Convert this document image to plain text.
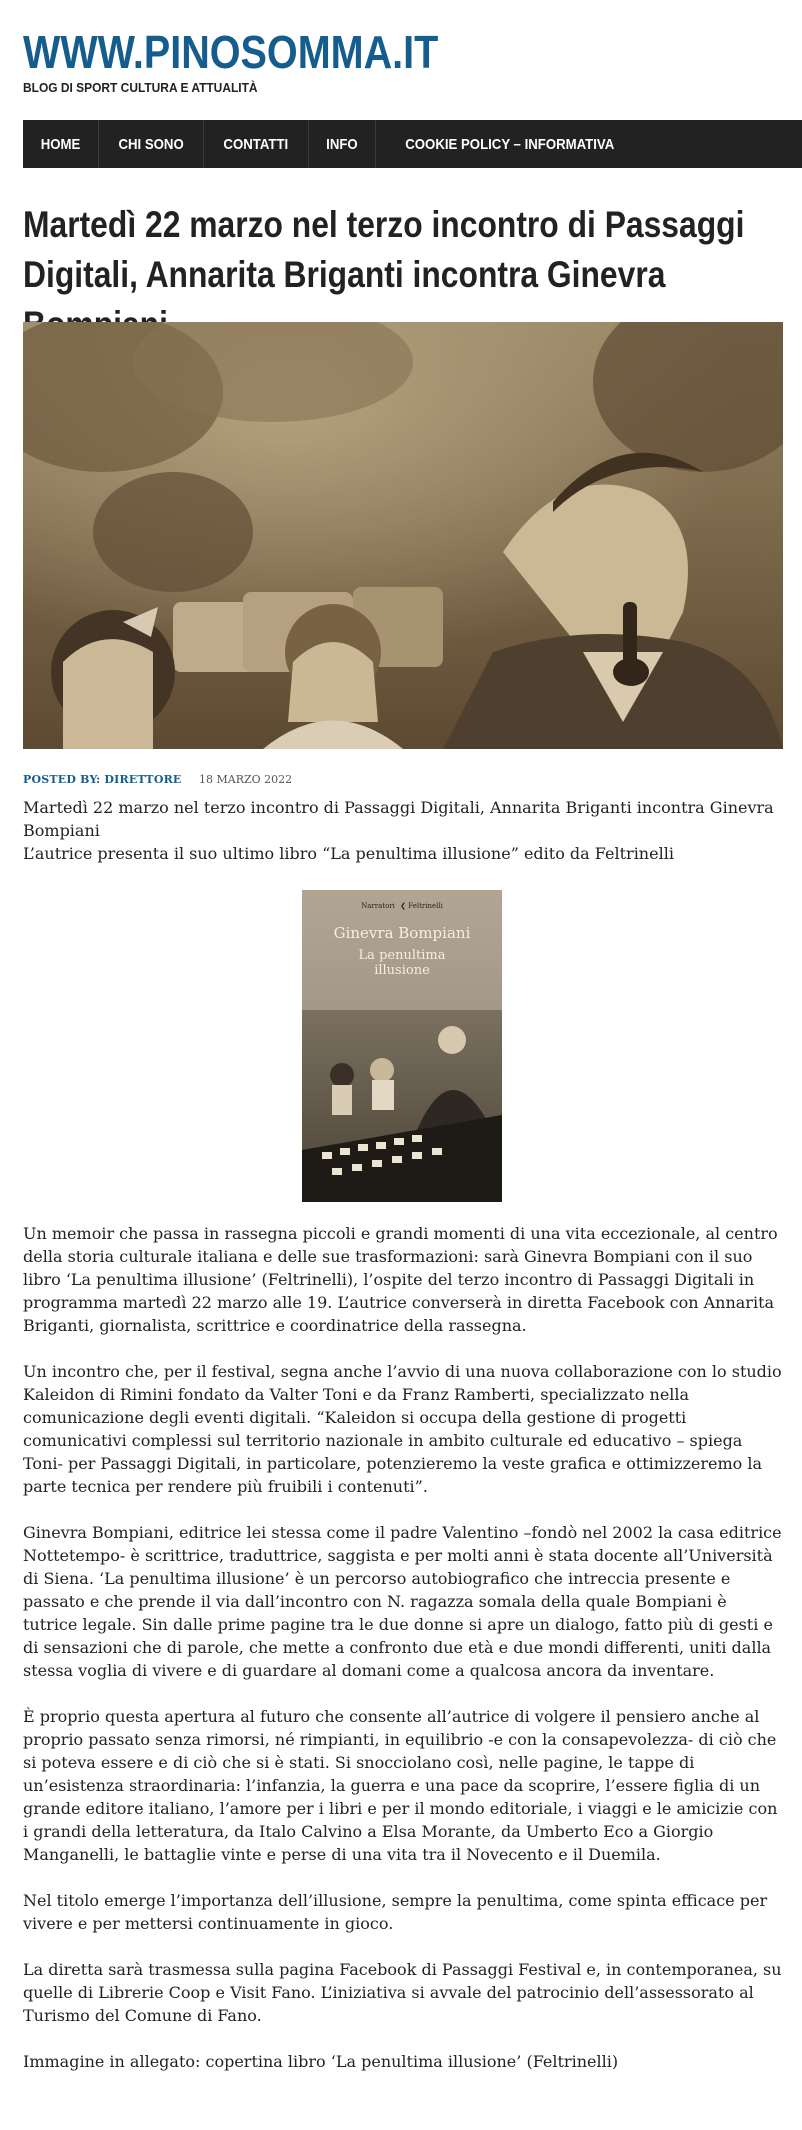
WWW.PINOSOMMA.IT
BLOG DI SPORT CULTURA E ATTUALITÀ
HOME	CHI SONO	CONTATTI	INFO	COOKIE POLICY – INFORMATIVA
Martedì 22 marzo nel terzo incontro di Passaggi Digitali, Annarita Briganti incontra Ginevra
POSTED BY: DIRETTORE 18 MARZO 2022

Martedì 22 marzo nel terzo incontro di Passaggi Digitali, Annarita Briganti incontra Ginevra Bompiani

L’autrice presenta il suo ultimo libro “La penultima illusione” edito da Feltrinelli

Narratori ❮ Feltrinelli
Ginevra Bompiani
La penultima illusione

Un memoir che passa in rassegna piccoli e grandi momenti di una vita eccezionale, al centro della storia culturale italiana e delle sue trasformazioni: sarà Ginevra Bompiani con il suo libro ‘La penultima illusione’ (Feltrinelli), l’ospite del terzo incontro di Passaggi Digitali in programma martedì 22 marzo alle 19. L’autrice converserà in diretta Facebook con Annarita Briganti, giornalista, scrittrice e coordinatrice della rassegna.

Un incontro che, per il festival, segna anche l’avvio di una nuova collaborazione con lo studio Kaleidon di Rimini fondato da Valter Toni e da Franz Ramberti, specializzato nella comunicazione degli eventi digitali. “Kaleidon si occupa della gestione di progetti comunicativi complessi sul territorio nazionale in ambito culturale ed educativo – spiega Toni- per Passaggi Digitali, in particolare, potenzieremo la veste grafica e ottimizzeremo la parte tecnica per rendere più fruibili i contenuti”.

Ginevra Bompiani, editrice lei stessa come il padre Valentino –fondò nel 2002 la casa editrice Nottetempo- è scrittrice, traduttrice, saggista e per molti anni è stata docente all’Università di Siena. ‘La penultima illusione’ è un percorso autobiografico che intreccia presente e passato e che prende il via dall’incontro con N. ragazza somala della quale Bompiani è tutrice legale. Sin dalle prime pagine tra le due donne si apre un dialogo, fatto più di gesti e di sensazioni che di parole, che mette a confronto due età e due mondi differenti, uniti dalla stessa voglia di vivere e di guardare al domani come a qualcosa ancora da inventare.

È proprio questa apertura al futuro che consente all’autrice di volgere il pensiero anche al proprio passato senza rimorsi, né rimpianti, in equilibrio -e con la consapevolezza- di ciò che si poteva essere e di ciò che si è stati. Si snocciolano così, nelle pagine, le tappe di un’esistenza straordinaria: l’infanzia, la guerra e una pace da scoprire, l’essere figlia di un grande editore italiano, l’amore per i libri e per il mondo editoriale, i viaggi e le amicizie con i grandi della letteratura, da Italo Calvino a Elsa Morante, da Umberto Eco a Giorgio Manganelli, le battaglie vinte e perse di una vita tra il Novecento e il Duemila.

Nel titolo emerge l’importanza dell’illusione, sempre la penultima, come spinta efficace per vivere e per mettersi continuamente in gioco.

La diretta sarà trasmessa sulla pagina Facebook di Passaggi Festival e, in contemporanea, su quelle di Librerie Coop e Visit Fano. L’iniziativa si avvale del patrocinio dell’assessorato al Turismo del Comune di Fano.

Immagine in allegato: copertina libro ‘La penultima illusione’ (Feltrinelli)
